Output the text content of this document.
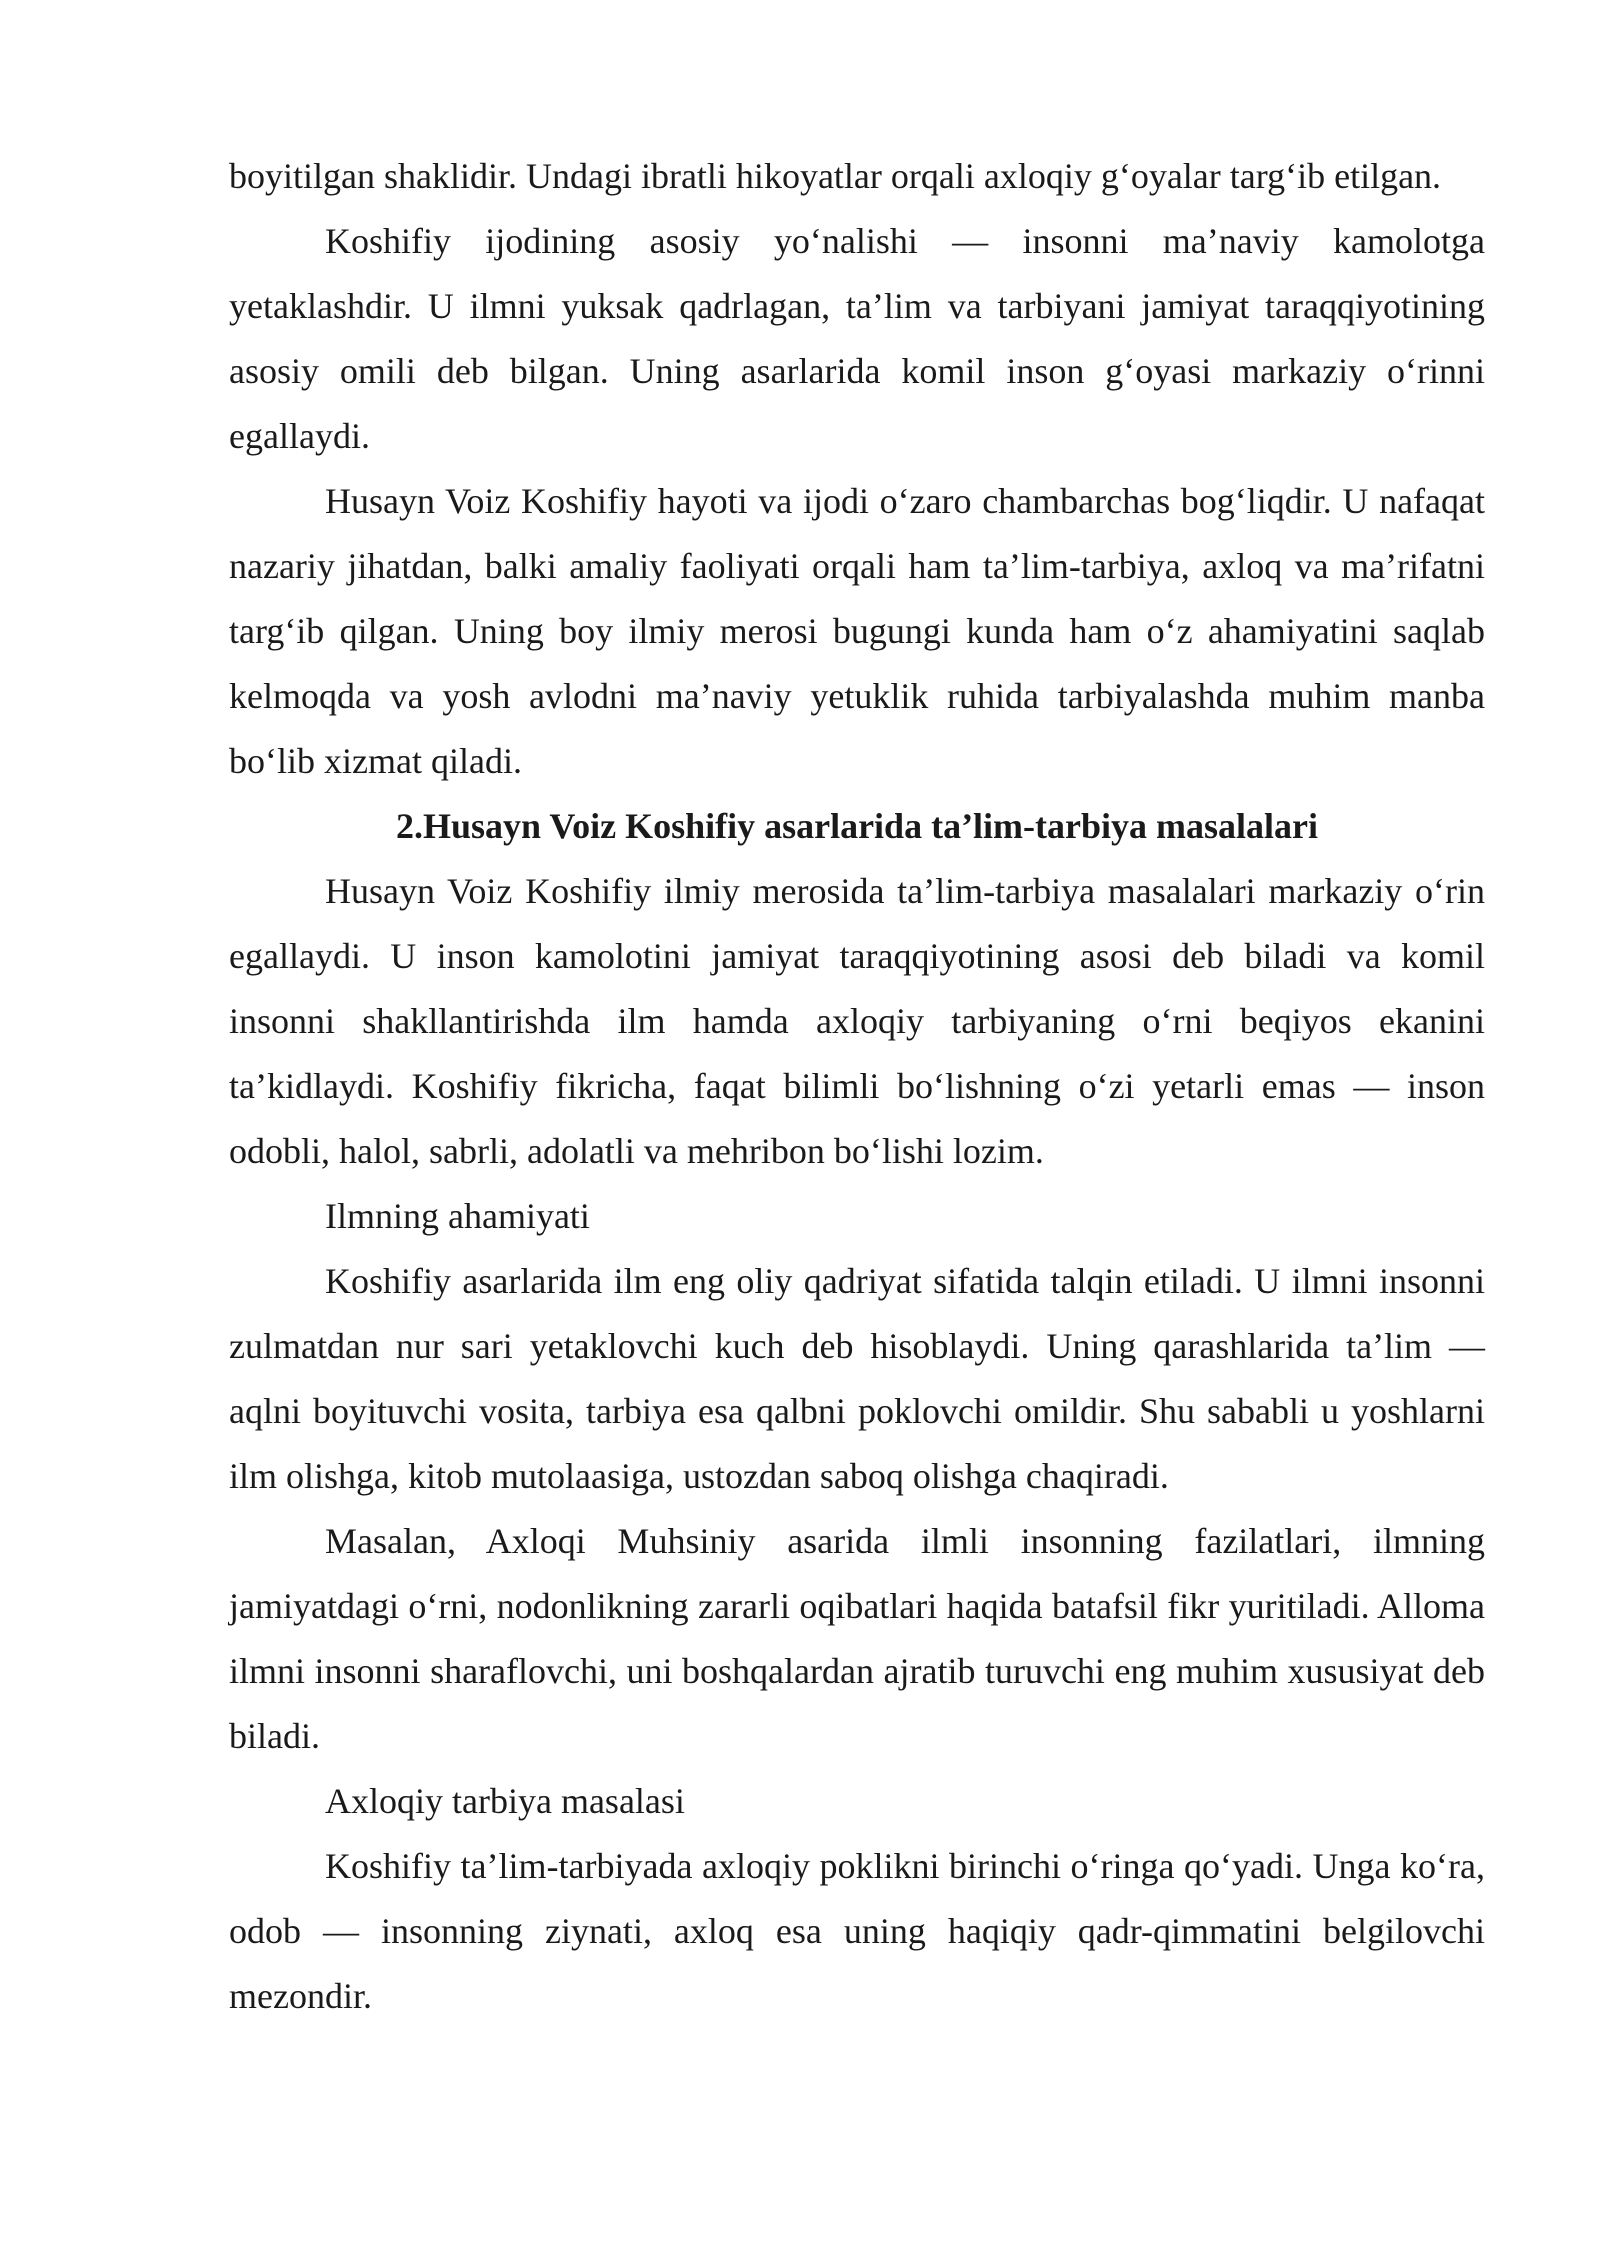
boyitilgan shaklidir. Undagi ibratli hikoyatlar orqali axloqiy g‘oyalar targ‘ib etilgan.

Koshifiy ijodining asosiy yo‘nalishi — insonni ma’naviy kamolotga yetaklashdir. U ilmni yuksak qadrlagan, ta’lim va tarbiyani jamiyat taraqqiyotining asosiy omili deb bilgan. Uning asarlarida komil inson g‘oyasi markaziy o‘rinni egallaydi.

Husayn Voiz Koshifiy hayoti va ijodi o‘zaro chambarchas bog‘liqdir. U nafaqat nazariy jihatdan, balki amaliy faoliyati orqali ham ta’lim-tarbiya, axloq va ma’rifatni targ‘ib qilgan. Uning boy ilmiy merosi bugungi kunda ham o‘z ahamiyatini saqlab kelmoqda va yosh avlodni ma’naviy yetuklik ruhida tarbiyalashda muhim manba bo‘lib xizmat qiladi.

2.Husayn Voiz Koshifiy asarlarida ta’lim-tarbiya masalalari

Husayn Voiz Koshifiy ilmiy merosida ta’lim-tarbiya masalalari markaziy o‘rin egallaydi. U inson kamolotini jamiyat taraqqiyotining asosi deb biladi va komil insonni shakllantirishda ilm hamda axloqiy tarbiyaning o‘rni beqiyos ekanini ta’kidlaydi. Koshifiy fikricha, faqat bilimli bo‘lishning o‘zi yetarli emas — inson odobli, halol, sabrli, adolatli va mehribon bo‘lishi lozim.

Ilmning ahamiyati

Koshifiy asarlarida ilm eng oliy qadriyat sifatida talqin etiladi. U ilmni insonni zulmatdan nur sari yetaklovchi kuch deb hisoblaydi. Uning qarashlarida ta’lim — aqlni boyituvchi vosita, tarbiya esa qalbni poklovchi omildir. Shu sababli u yoshlarni ilm olishga, kitob mutolaasiga, ustozdan saboq olishga chaqiradi.

Masalan, Axloqi Muhsiniy asarida ilmli insonning fazilatlari, ilmning jamiyatdagi o‘rni, nodonlikning zararli oqibatlari haqida batafsil fikr yuritiladi. Alloma ilmni insonni sharaflovchi, uni boshqalardan ajratib turuvchi eng muhim xususiyat deb biladi.

Axloqiy tarbiya masalasi

Koshifiy ta’lim-tarbiyada axloqiy poklikni birinchi o‘ringa qo‘yadi. Unga ko‘ra, odob — insonning ziynati, axloq esa uning haqiqiy qadr-qimmatini belgilovchi mezondir.
